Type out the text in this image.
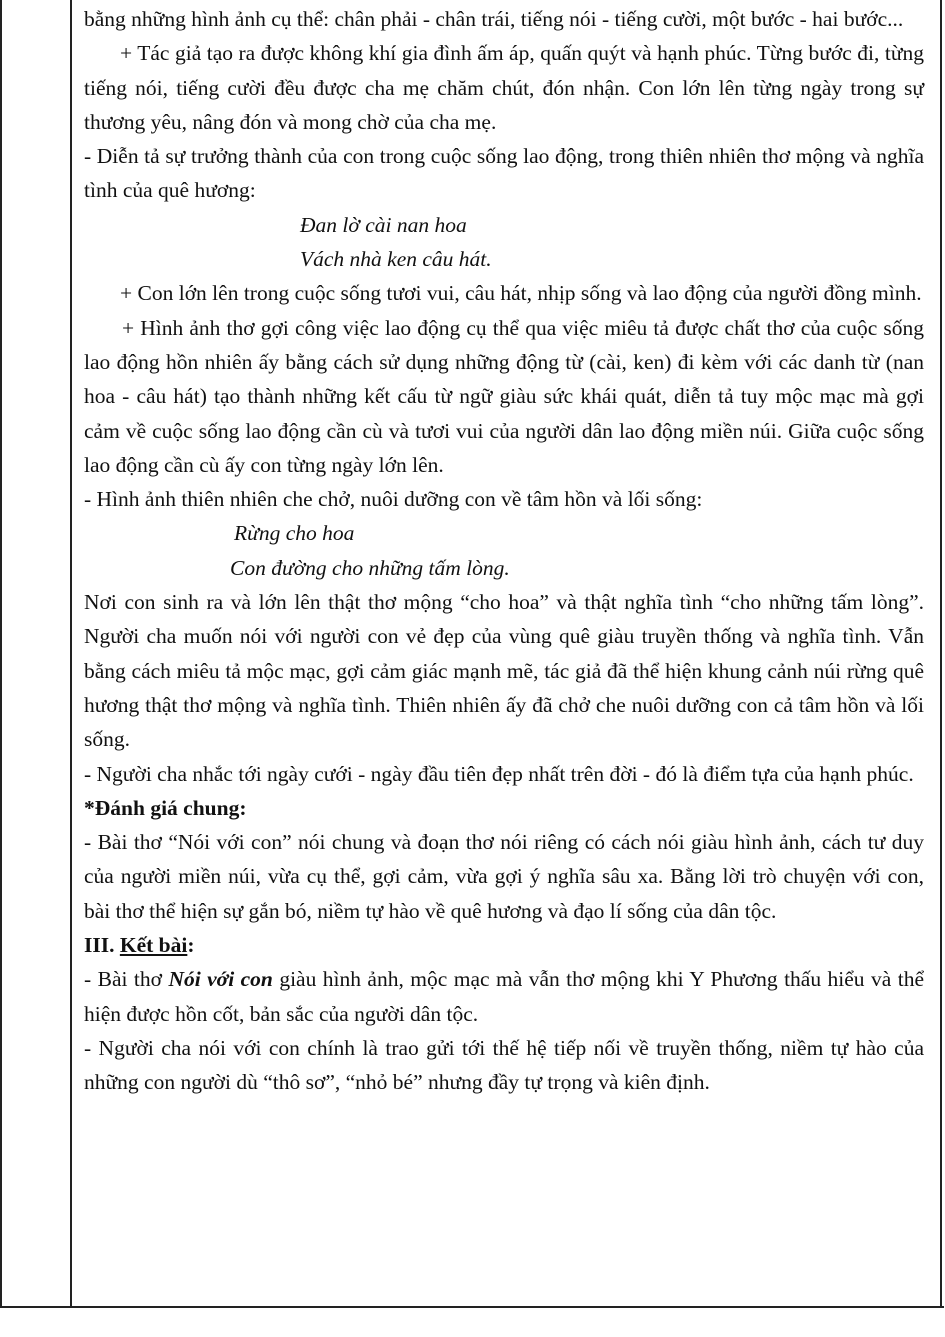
bằng những hình ảnh cụ thể: chân phải - chân trái, tiếng nói - tiếng cười, một bước - hai bước...

+ Tác giả tạo ra được không khí gia đình ấm áp, quấn quýt và hạnh phúc. Từng bước đi, từng tiếng nói, tiếng cười đều được cha mẹ chăm chút, đón nhận. Con lớn lên từng ngày trong sự thương yêu, nâng đón và mong chờ của cha mẹ.

- Diễn tả sự trưởng thành của con trong cuộc sống lao động, trong thiên nhiên thơ mộng và nghĩa tình của quê hương:

Đan lờ cài nan hoa

Vách nhà ken câu hát.

+ Con lớn lên trong cuộc sống tươi vui, câu hát, nhịp sống và lao động của người đồng mình.

+ Hình ảnh thơ gợi công việc lao động cụ thể qua việc miêu tả được chất thơ của cuộc sống lao động hồn nhiên ấy bằng cách sử dụng những động từ (cài, ken) đi kèm với các danh từ (nan hoa - câu hát) tạo thành những kết cấu từ ngữ giàu sức khái quát, diễn tả tuy mộc mạc mà gợi cảm về cuộc sống lao động cần cù và tươi vui của người dân lao động miền núi. Giữa cuộc sống lao động cần cù ấy con từng ngày lớn lên.

- Hình ảnh thiên nhiên che chở, nuôi dưỡng con về tâm hồn và lối sống:

Rừng cho hoa

Con đường cho những tấm lòng.

Nơi con sinh ra và lớn lên thật thơ mộng “cho hoa” và thật nghĩa tình “cho những tấm lòng”. Người cha muốn nói với người con vẻ đẹp của vùng quê giàu truyền thống và nghĩa tình. Vẫn bằng cách miêu tả mộc mạc, gợi cảm giác mạnh mẽ, tác giả đã thể hiện khung cảnh núi rừng quê hương thật thơ mộng và nghĩa tình. Thiên nhiên ấy đã chở che nuôi dưỡng con cả tâm hồn và lối sống.

- Người cha nhắc tới ngày cưới - ngày đầu tiên đẹp nhất trên đời - đó là điểm tựa của hạnh phúc.

*Đánh giá chung:

- Bài thơ “Nói với con” nói chung và đoạn thơ nói riêng có cách nói giàu hình ảnh, cách tư duy của người miền núi, vừa cụ thể, gợi cảm, vừa gợi ý nghĩa sâu xa. Bằng lời trò chuyện với con, bài thơ thể hiện sự gắn bó, niềm tự hào về quê hương và đạo lí sống của dân tộc.

III. Kết bài:

- Bài thơ Nói với con giàu hình ảnh, mộc mạc mà vẫn thơ mộng khi Y Phương thấu hiểu và thể hiện được hồn cốt, bản sắc của người dân tộc.

- Người cha nói với con chính là trao gửi tới thế hệ tiếp nối về truyền thống, niềm tự hào của những con người dù “thô sơ”, “nhỏ bé” nhưng đầy tự trọng và kiên định.
